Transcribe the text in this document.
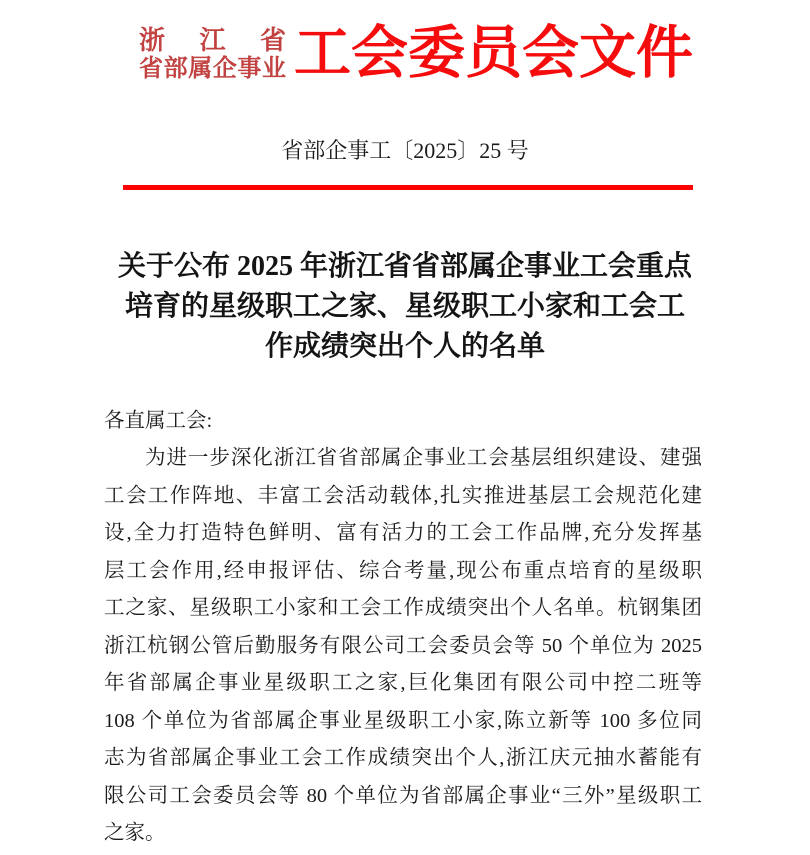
浙 江 省
省部属企事业 工会委员会文件
省部企事工〔2025〕25 号
关于公布 2025 年浙江省省部属企事业工会重点
培育的星级职工之家、星级职工小家和工会工
作成绩突出个人的名单
各直属工会:
为进一步深化浙江省省部属企事业工会基层组织建设、建强
工会工作阵地、丰富工会活动载体,扎实推进基层工会规范化建
设,全力打造特色鲜明、富有活力的工会工作品牌,充分发挥基
层工会作用,经申报评估、综合考量,现公布重点培育的星级职
工之家、星级职工小家和工会工作成绩突出个人名单。杭钢集团
浙江杭钢公管后勤服务有限公司工会委员会等 50 个单位为 2025
年省部属企事业星级职工之家,巨化集团有限公司中控二班等
108 个单位为省部属企事业星级职工小家,陈立新等 100 多位同
志为省部属企事业工会工作成绩突出个人,浙江庆元抽水蓄能有
限公司工会委员会等 80 个单位为省部属企事业“三外”星级职工
之家。
